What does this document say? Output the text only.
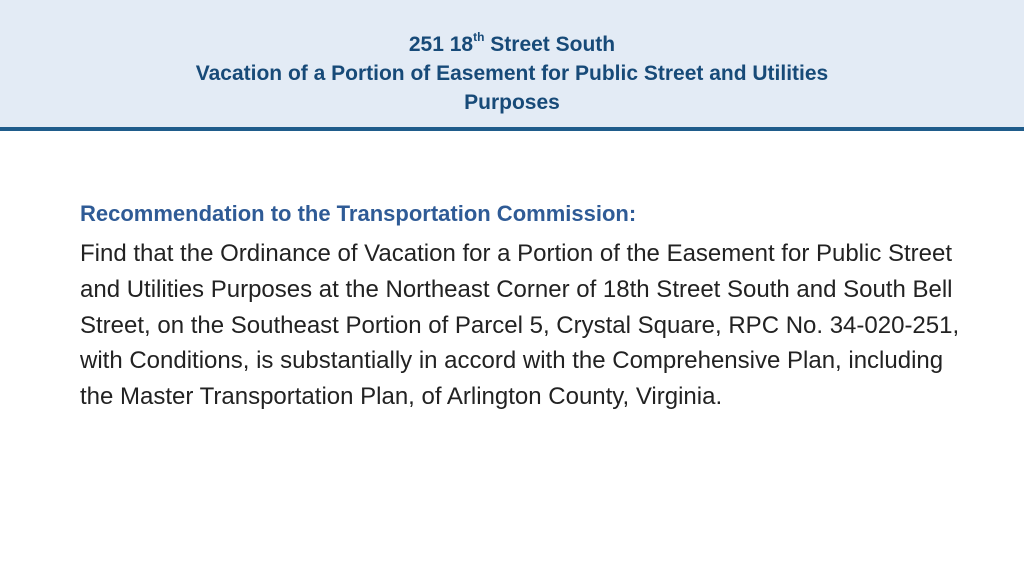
251 18th Street South
Vacation of a Portion of Easement for Public Street and Utilities
Purposes

Recommendation to the Transportation Commission:

Find that the Ordinance of Vacation for a Portion of the Easement for Public Street and Utilities Purposes at the Northeast Corner of 18th Street South and South Bell Street, on the Southeast Portion of Parcel 5, Crystal Square, RPC No. 34-020-251, with Conditions, is substantially in accord with the Comprehensive Plan, including the Master Transportation Plan, of Arlington County, Virginia.
